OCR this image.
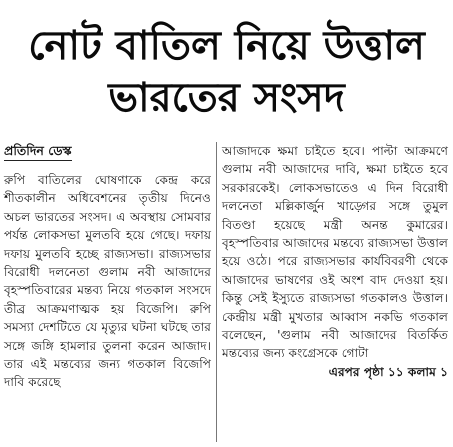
নোট বাতিল নিয়ে উত্তাল
ভারতের সংসদ
প্রতিদিন ডেস্ক

রুপি বাতিলের ঘোষণাকে কেন্দ্র করে শীতকালীন অধিবেশনের তৃতীয় দিনেও অচল ভারতের সংসদ। এ অবস্থায় সোমবার পর্যন্ত লোকসভা মুলতবি হয়ে গেছে। দফায় দফায় মুলতবি হচ্ছে রাজ্যসভা। রাজ্যসভার বিরোধী দলনেতা গুলাম নবী আজাদের বৃহস্পতিবারের মন্তব্য নিয়ে গতকাল সংসদে তীব্র আক্রমণাত্মক হয় বিজেপি। রুপি সমস্যা দেশটিতে যে মৃত্যুর ঘটনা ঘটছে তার সঙ্গে জঙ্গি হামলার তুলনা করেন আজাদ। তার এই মন্তব্যের জন্য গতকাল বিজেপি দাবি করেছে

আজাদকে ক্ষমা চাইতে হবে। পাল্টা আক্রমণে গুলাম নবী আজাদের দাবি, ক্ষমা চাইতে হবে সরকারকেই। লোকসভাতেও এ দিন বিরোধী দলনেতা মল্লিকার্জুন খাড়্গের সঙ্গে তুমুল বিতণ্ডা হয়েছে মন্ত্রী অনন্ত কুমারের। বৃহস্পতিবার আজাদের মন্তব্যে রাজ্যসভা উত্তাল হয়ে ওঠে। পরে রাজ্যসভার কার্যবিবরণী থেকে আজাদের ভাষণের ওই অংশ বাদ দেওয়া হয়। কিন্তু সেই ইস্যুতে রাজ্যসভা গতকালও উত্তাল। কেন্দ্রীয় মন্ত্রী মুখতার আব্বাস নকভি গতকাল বলেছেন, 'গুলাম নবী আজাদের বিতর্কিত মন্তব্যের জন্য কংগ্রেসকে গোটা
এরপর পৃষ্ঠা ১১ কলাম ১
